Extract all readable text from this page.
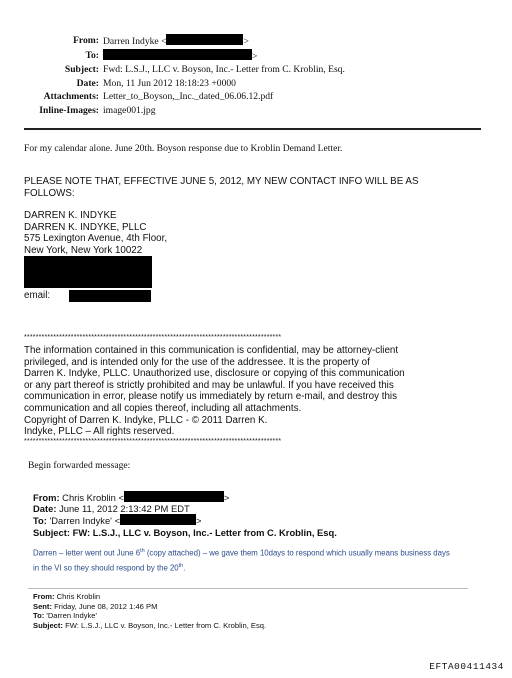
From: Darren Indyke <	>
To:	>
Subject: Fwd: L.S.J., LLC v. Boyson, Inc.- Letter from C. Kroblin, Esq.
Date: Mon, 11 Jun 2012 18:18:23 +0000
Attachments: Letter_to_Boyson,_Inc._dated_06.06.12.pdf
Inline-Images: image001.jpg
For my calendar alone. June 20th. Boyson response due to Kroblin Demand Letter.
PLEASE NOTE THAT, EFFECTIVE JUNE 5, 2012, MY NEW CONTACT INFO WILL BE AS
FOLLOWS:
DARREN K. INDYKE
DARREN K. INDYKE, PLLC
575 Lexington Avenue, 4th Floor,
New York, New York 10022
email:
****************************************************************************************
The information contained in this communication is confidential, may be attorney-client
privileged, and is intended only for the use of the addressee. It is the property of
Darren K. Indyke, PLLC. Unauthorized use, disclosure or copying of this communication
or any part thereof is strictly prohibited and may be unlawful. If you have received this
communication in error, please notify us immediately by return e-mail, and destroy this
communication and all copies thereof, including all attachments.
Copyright of Darren K. Indyke, PLLC - © 2011 Darren K.
Indyke, PLLC – All rights reserved.
****************************************************************************************
Begin forwarded message:
From: Chris Kroblin <	>
Date: June 11, 2012 2:13:42 PM EDT
To: 'Darren Indyke' <	>
Subject: FW: L.S.J., LLC v. Boyson, Inc.- Letter from C. Kroblin, Esq.
Darren – letter went out June 6th (copy attached) – we gave them 10days to respond which usually means business days
in the VI so they should respond by the 20th.
From: Chris Kroblin
Sent: Friday, June 08, 2012 1:46 PM
To: 'Darren Indyke'
Subject: FW: L.S.J., LLC v. Boyson, Inc.- Letter from C. Kroblin, Esq.
EFTA00411434
